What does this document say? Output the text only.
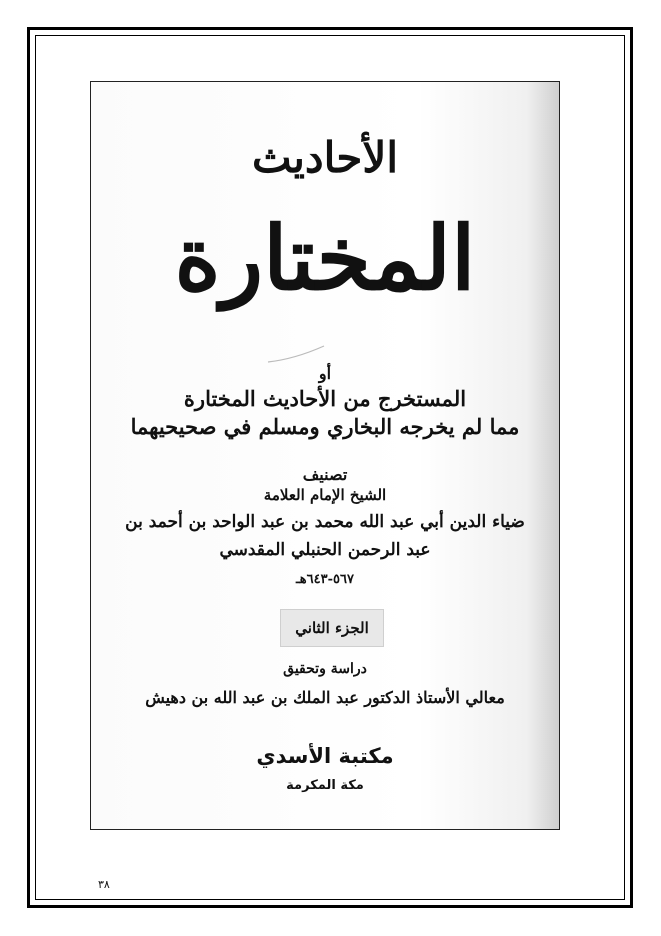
الأحاديث

المختارة

أو

المستخرج من الأحاديث المختارة

مما لم يخرجه البخاري ومسلم في صحيحيهما

تصنيف

الشيخ الإمام العلامة

ضياء الدين أبي عبد الله محمد بن عبد الواحد بن أحمد بن

عبد الرحمن الحنبلي المقدسي

٥٦٧-٦٤٣هـ

الجزء الثاني

دراسة وتحقيق

معالي الأستاذ الدكتور عبد الملك بن عبد الله بن دهيش

مكتبة الأسدي

مكة المكرمة

٣٨
